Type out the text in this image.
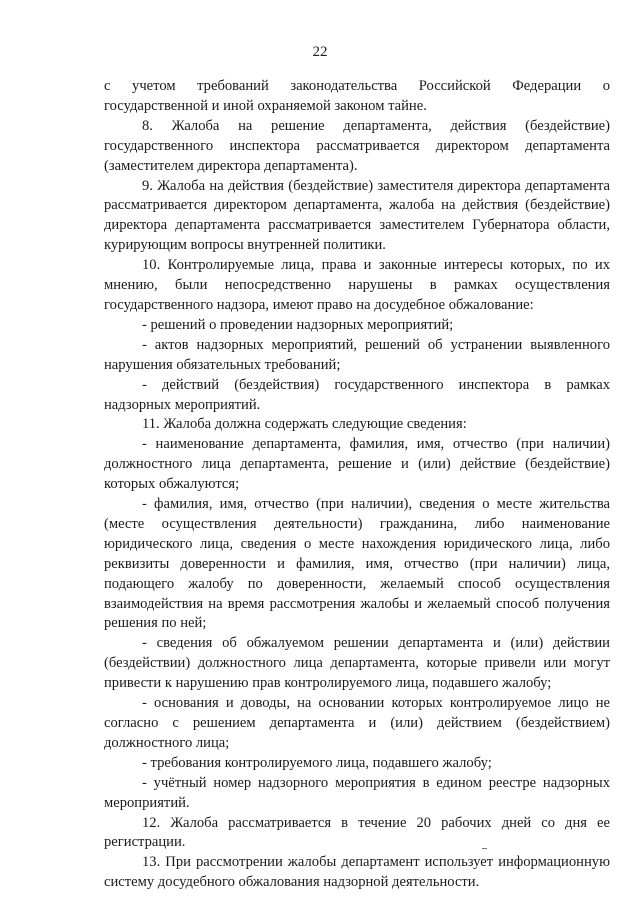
22

с учетом требований законодательства Российской Федерации о государственной и иной охраняемой законом тайне.

8. Жалоба на решение департамента, действия (бездействие) государственного инспектора рассматривается директором департамента (заместителем директора департамента).

9. Жалоба на действия (бездействие) заместителя директора департамента рассматривается директором департамента, жалоба на действия (бездействие) директора департамента рассматривается заместителем Губернатора области, курирующим вопросы внутренней политики.

10. Контролируемые лица, права и законные интересы которых, по их мнению, были непосредственно нарушены в рамках осуществления государственного надзора, имеют право на досудебное обжалование:

- решений о проведении надзорных мероприятий;

- актов надзорных мероприятий, решений об устранении выявленного нарушения обязательных требований;

- действий (бездействия) государственного инспектора в рамках надзорных мероприятий.

11. Жалоба должна содержать следующие сведения:

- наименование департамента, фамилия, имя, отчество (при наличии) должностного лица департамента, решение и (или) действие (бездействие) которых обжалуются;

- фамилия, имя, отчество (при наличии), сведения о месте жительства (месте осуществления деятельности) гражданина, либо наименование юридического лица, сведения о месте нахождения юридического лица, либо реквизиты доверенности и фамилия, имя, отчество (при наличии) лица, подающего жалобу по доверенности, желаемый способ осуществления взаимодействия на время рассмотрения жалобы и желаемый способ получения решения по ней;

- сведения об обжалуемом решении департамента и (или) действии (бездействии) должностного лица департамента, которые привели или могут привести к нарушению прав контролируемого лица, подавшего жалобу;

- основания и доводы, на основании которых контролируемое лицо не согласно с решением департамента и (или) действием (бездействием) должностного лица;

- требования контролируемого лица, подавшего жалобу;

- учётный номер надзорного мероприятия в едином реестре надзорных мероприятий.

12. Жалоба рассматривается в течение 20 рабочих дней со дня ее регистрации.

13. При рассмотрении жалобы департамент использует информационную систему досудебного обжалования надзорной деятельности.
